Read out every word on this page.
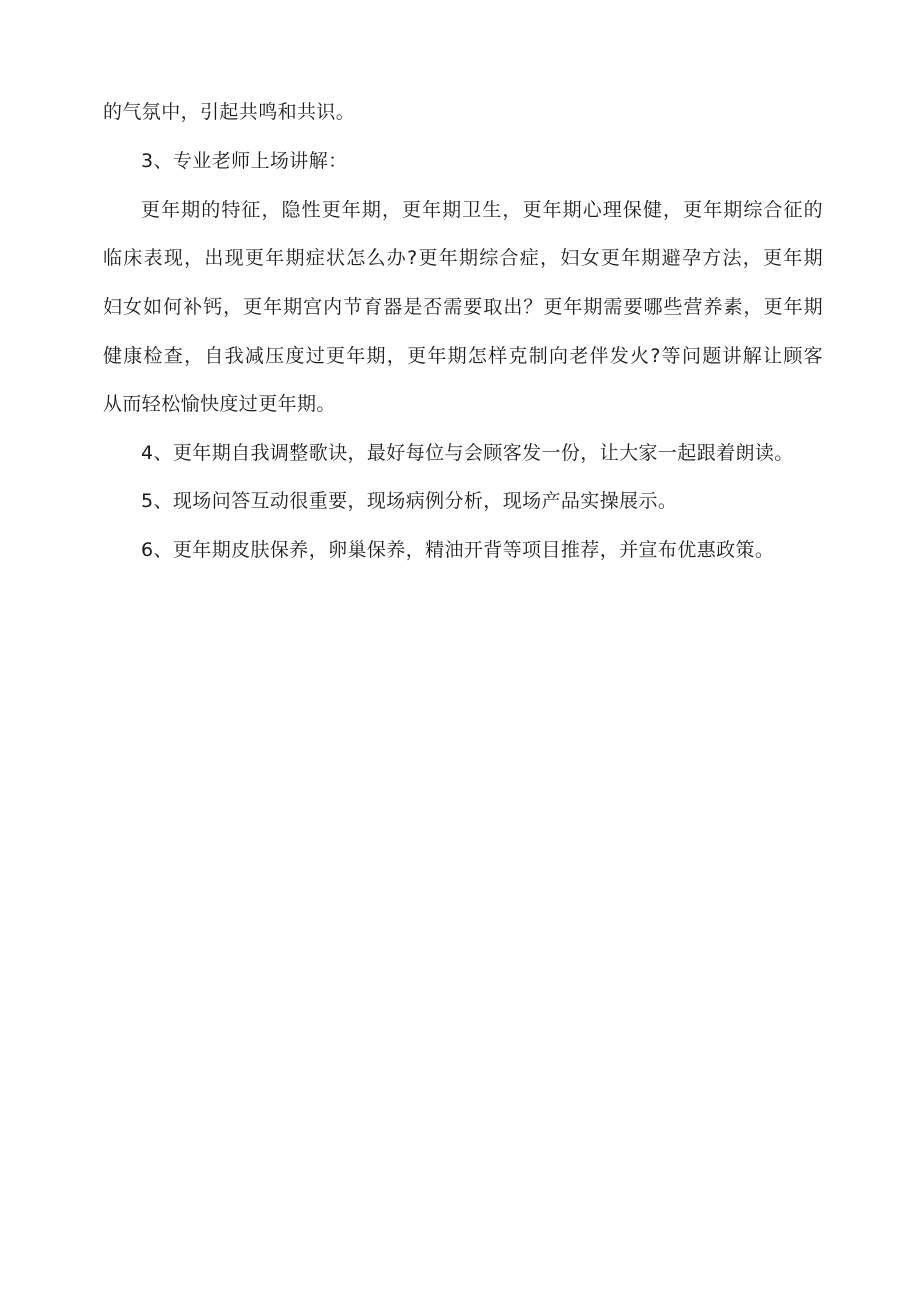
的气氛中，引起共鸣和共识。
3、专业老师上场讲解：
更年期的特征，隐性更年期，更年期卫生，更年期心理保健，更年期综合征的
临床表现，出现更年期症状怎么办?更年期综合症，妇女更年期避孕方法，更年期
妇女如何补钙，更年期宫内节育器是否需要取出？更年期需要哪些营养素，更年期
健康检查，自我减压度过更年期，更年期怎样克制向老伴发火?等问题讲解让顾客
从而轻松愉快度过更年期。
4、更年期自我调整歌诀，最好每位与会顾客发一份，让大家一起跟着朗读。
5、现场问答互动很重要，现场病例分析，现场产品实操展示。
6、更年期皮肤保养，卵巢保养，精油开背等项目推荐，并宣布优惠政策。
